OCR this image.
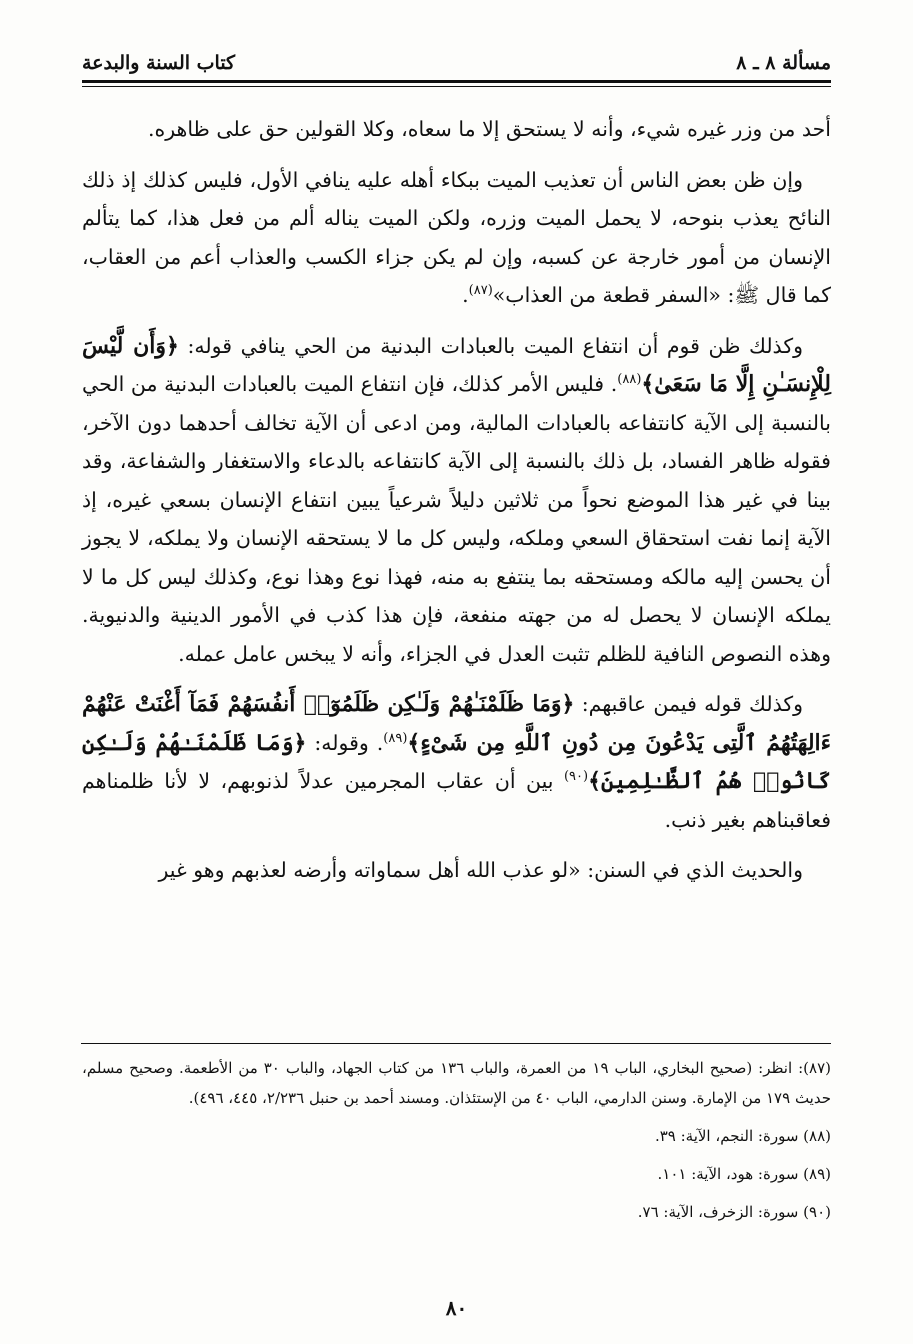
مسألة ٨ ـ ٨
كتاب السنة والبدعة

أحد من وزر غيره شيء، وأنه لا يستحق إلا ما سعاه، وكلا القولين حق على ظاهره.

وإن ظن بعض الناس أن تعذيب الميت ببكاء أهله عليه ينافي الأول، فليس كذلك إذ ذلك النائح يعذب بنوحه، لا يحمل الميت وزره، ولكن الميت يناله ألم من فعل هذا، كما يتألم الإنسان من أمور خارجة عن كسبه، وإن لم يكن جزاء الكسب والعذاب أعم من العقاب، كما قال ﷺ: «السفر قطعة من العذاب»$^{(٨٧)}$.

وكذلك ظن قوم أن انتفاع الميت بالعبادات البدنية من الحي ينافي قوله: ﴿وَأَن لَّيْسَ لِلْإِنسَـٰنِ إِلَّا مَا سَعَىٰ﴾$^{(٨٨)}$. فليس الأمر كذلك، فإن انتفاع الميت بالعبادات البدنية من الحي بالنسبة إلى الآية كانتفاعه بالعبادات المالية، ومن ادعى أن الآية تخالف أحدهما دون الآخر، فقوله ظاهر الفساد، بل ذلك بالنسبة إلى الآية كانتفاعه بالدعاء والاستغفار والشفاعة، وقد بينا في غير هذا الموضع نحواً من ثلاثين دليلاً شرعياً يبين انتفاع الإنسان بسعي غيره، إذ الآية إنما نفت استحقاق السعي وملكه، وليس كل ما لا يستحقه الإنسان ولا يملكه، لا يجوز أن يحسن إليه مالكه ومستحقه بما ينتفع به منه، فهذا نوع وهذا نوع، وكذلك ليس كل ما لا يملكه الإنسان لا يحصل له من جهته منفعة، فإن هذا كذب في الأمور الدينية والدنيوية. وهذه النصوص النافية للظلم تثبت العدل في الجزاء، وأنه لا يبخس عامل عمله.

وكذلك قوله فيمن عاقبهم: ﴿وَمَا ظَلَمْنَـٰهُمْ وَلَـٰكِن ظَلَمُوٓا۟ أَنفُسَهُمْ فَمَآ أَغْنَتْ عَنْهُمْ ءَالِهَتُهُمُ ٱلَّتِى يَدْعُونَ مِن دُونِ ٱللَّهِ مِن شَىْءٍ﴾$^{(٨٩)}$. وقوله: ﴿وَمَا ظَلَمْنَـٰهُمْ وَلَـٰكِن كَانُوا۟ هُمُ ٱلظَّـٰلِمِينَ﴾$^{(٩٠)}$ بين أن عقاب المجرمين عدلاً لذنوبهم، لا لأنا ظلمناهم فعاقبناهم بغير ذنب.

والحديث الذي في السنن: «لو عذب الله أهل سماواته وأرضه لعذبهم وهو غير

(٨٧): انظر: (صحيح البخاري، الباب ١٩ من العمرة، والباب ١٣٦ من كتاب الجهاد، والباب ٣٠ من الأطعمة. وصحيح مسلم، حديث ١٧٩ من الإمارة. وسنن الدارمي، الباب ٤٠ من الإستئذان. ومسند أحمد بن حنبل ٢/٢٣٦، ٤٤٥، ٤٩٦).
(٨٨) سورة: النجم، الآية: ٣٩.
(٨٩) سورة: هود، الآية: ١٠١.
(٩٠) سورة: الزخرف، الآية: ٧٦.
٨٠
